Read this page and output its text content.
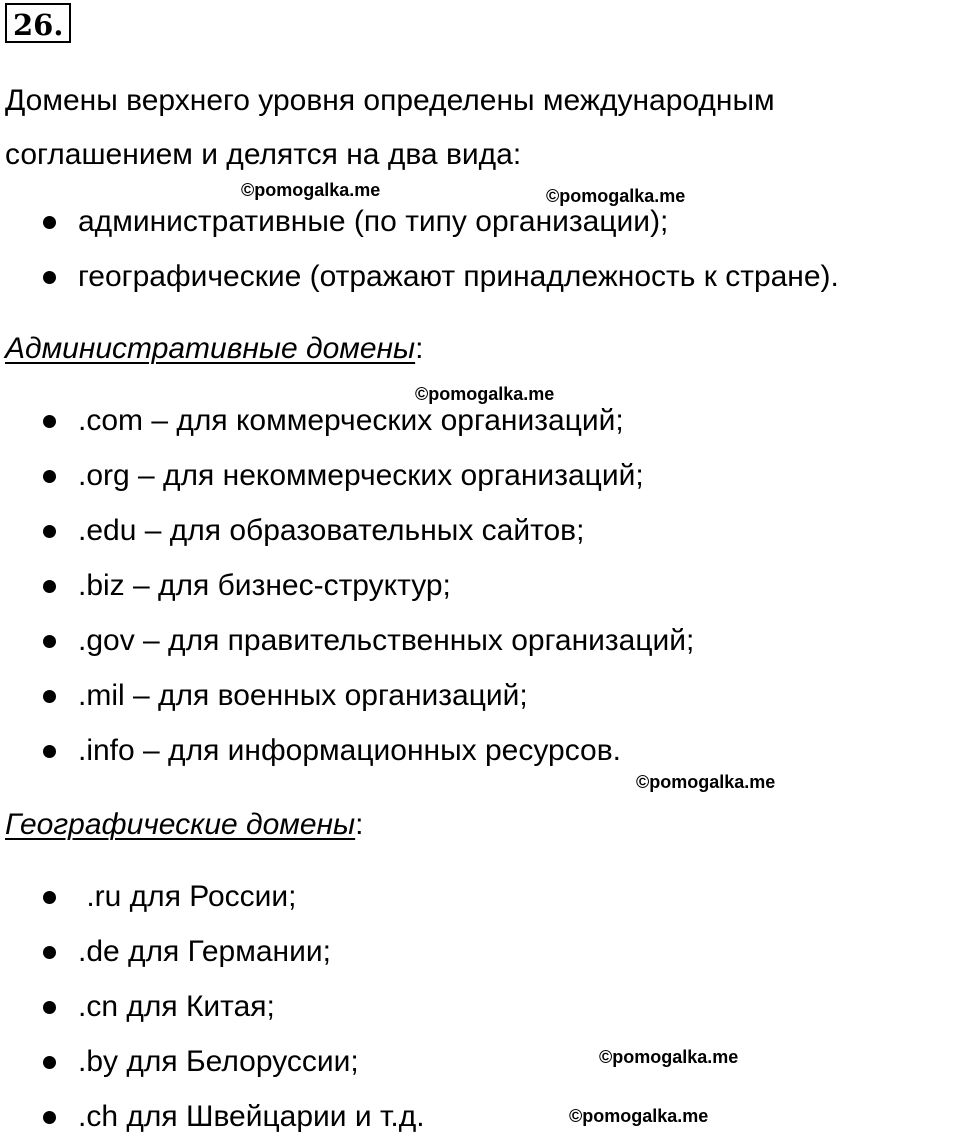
26.
Домены верхнего уровня определены международным
соглашением и делятся на два вида:
административные (по типу организации);
географические (отражают принадлежность к стране).
Административные домены:
.com – для коммерческих организаций;
.org – для некоммерческих организаций;
.edu – для образовательных сайтов;
.biz – для бизнес-структур;
.gov – для правительственных организаций;
.mil – для военных организаций;
.info – для информационных ресурсов.
Географические домены:
.ru для России;
.de для Германии;
.cn для Китая;
.by для Белоруссии;
.ch для Швейцарии и т.д.
©pomogalka.me	©pomogalka.me
©pomogalka.me
©pomogalka.me
©pomogalka.me
©pomogalka.me
